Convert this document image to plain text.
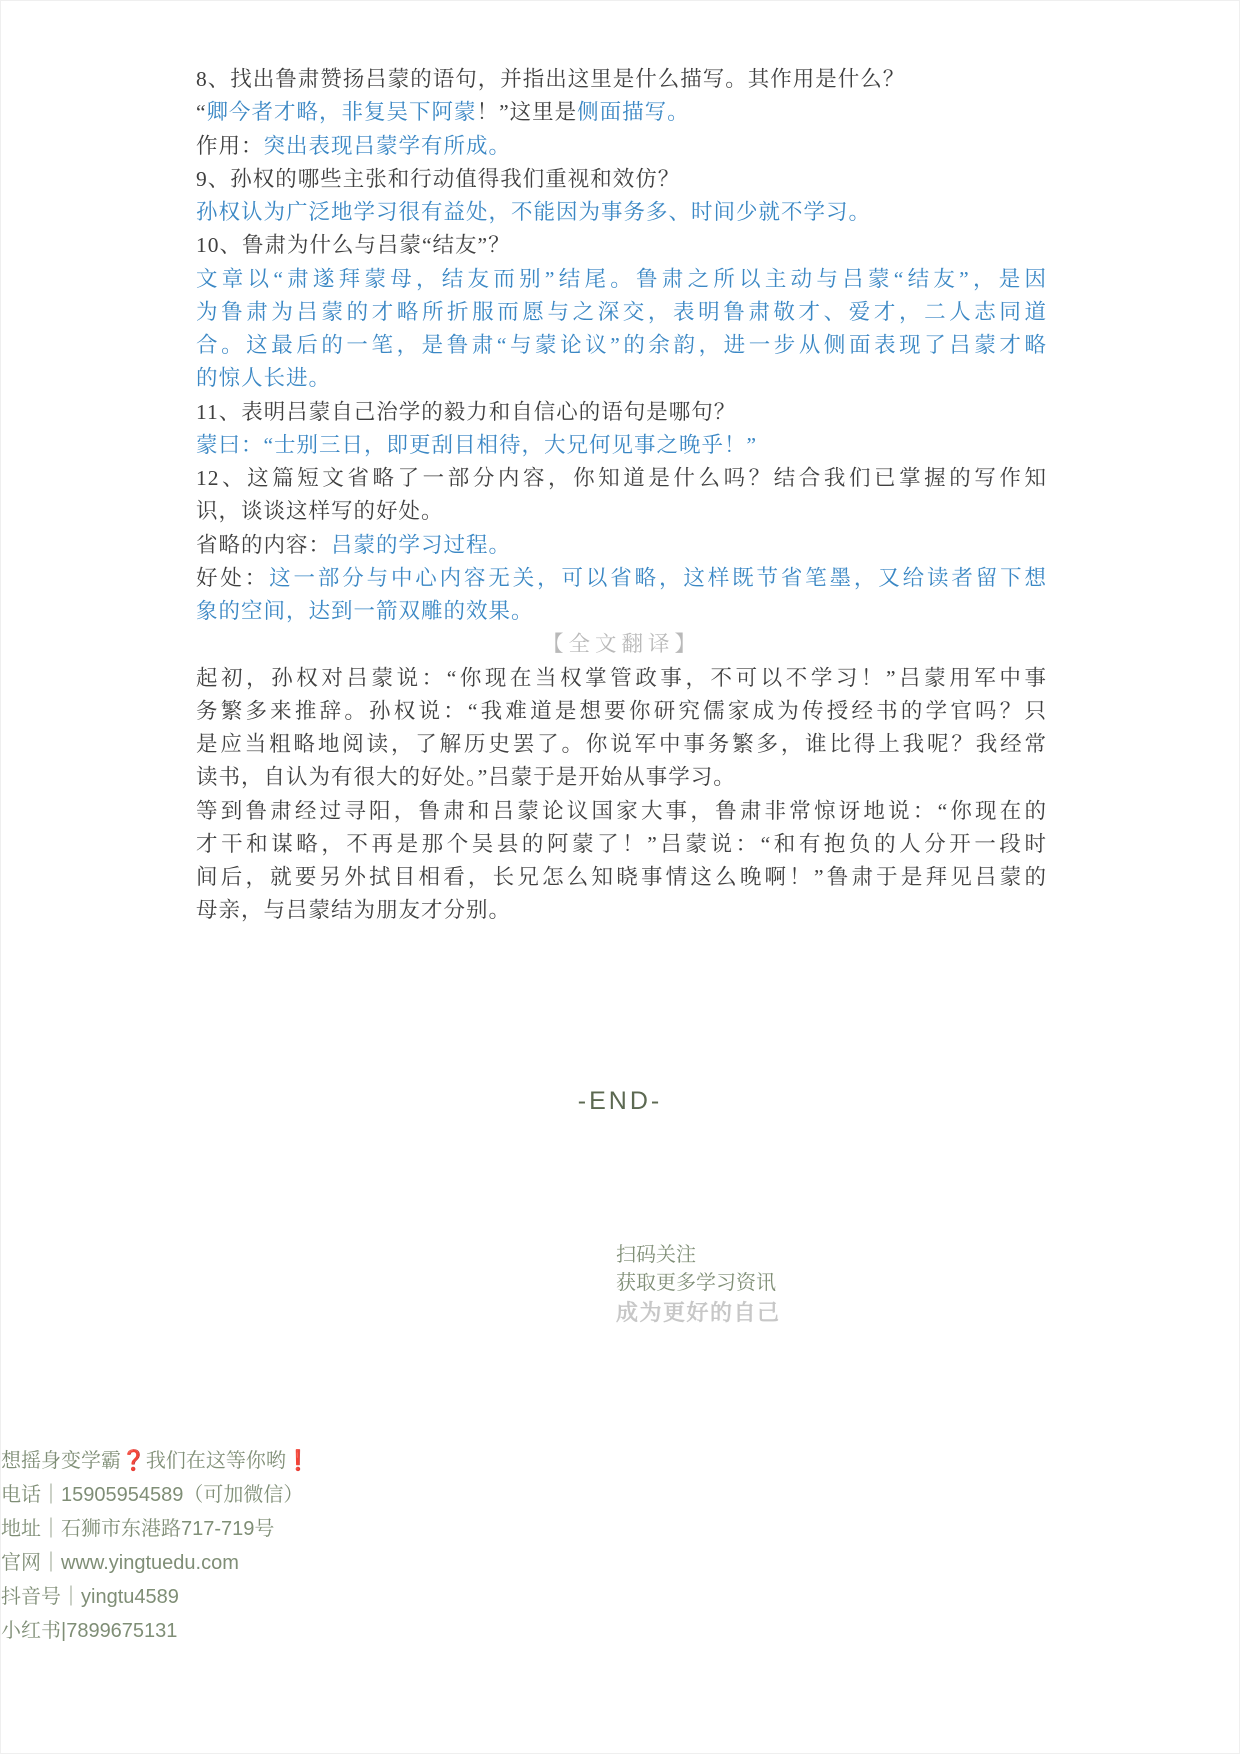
8、找出鲁肃赞扬吕蒙的语句，并指出这里是什么描写。其作用是什么？
“卿今者才略，非复吴下阿蒙！”这里是侧面描写。
作用：突出表现吕蒙学有所成。
9、孙权的哪些主张和行动值得我们重视和效仿？
孙权认为广泛地学习很有益处，不能因为事务多、时间少就不学习。
10、鲁肃为什么与吕蒙“结友”？
文章以“肃遂拜蒙母，结友而别”结尾。鲁肃之所以主动与吕蒙“结友”，是因
为鲁肃为吕蒙的才略所折服而愿与之深交，表明鲁肃敬才、爱才，二人志同道
合。这最后的一笔，是鲁肃“与蒙论议”的余韵，进一步从侧面表现了吕蒙才略
的惊人长进。
11、表明吕蒙自己治学的毅力和自信心的语句是哪句？
蒙曰：“士别三日，即更刮目相待，大兄何见事之晚乎！”
12、这篇短文省略了一部分内容，你知道是什么吗？结合我们已掌握的写作知
识，谈谈这样写的好处。
省略的内容：吕蒙的学习过程。
好处：这一部分与中心内容无关，可以省略，这样既节省笔墨，又给读者留下想
象的空间，达到一箭双雕的效果。
【全文翻译】
起初，孙权对吕蒙说：“你现在当权掌管政事，不可以不学习！”吕蒙用军中事
务繁多来推辞。孙权说：“我难道是想要你研究儒家成为传授经书的学官吗？只
是应当粗略地阅读，了解历史罢了。你说军中事务繁多，谁比得上我呢？我经常
读书，自认为有很大的好处。”吕蒙于是开始从事学习。
等到鲁肃经过寻阳，鲁肃和吕蒙论议国家大事，鲁肃非常惊讶地说：“你现在的
才干和谋略，不再是那个吴县的阿蒙了！”吕蒙说：“和有抱负的人分开一段时
间后，就要另外拭目相看，长兄怎么知晓事情这么晚啊！”鲁肃于是拜见吕蒙的
母亲，与吕蒙结为朋友才分别。
-END-
扫码关注
获取更多学习资讯
成为更好的自己
想摇身变学霸❓我们在这等你哟❗
电话｜15905954589（可加微信）
地址｜石狮市东港路717-719号
官网｜www.yingtuedu.com
抖音号｜yingtu4589
小红书|7899675131
